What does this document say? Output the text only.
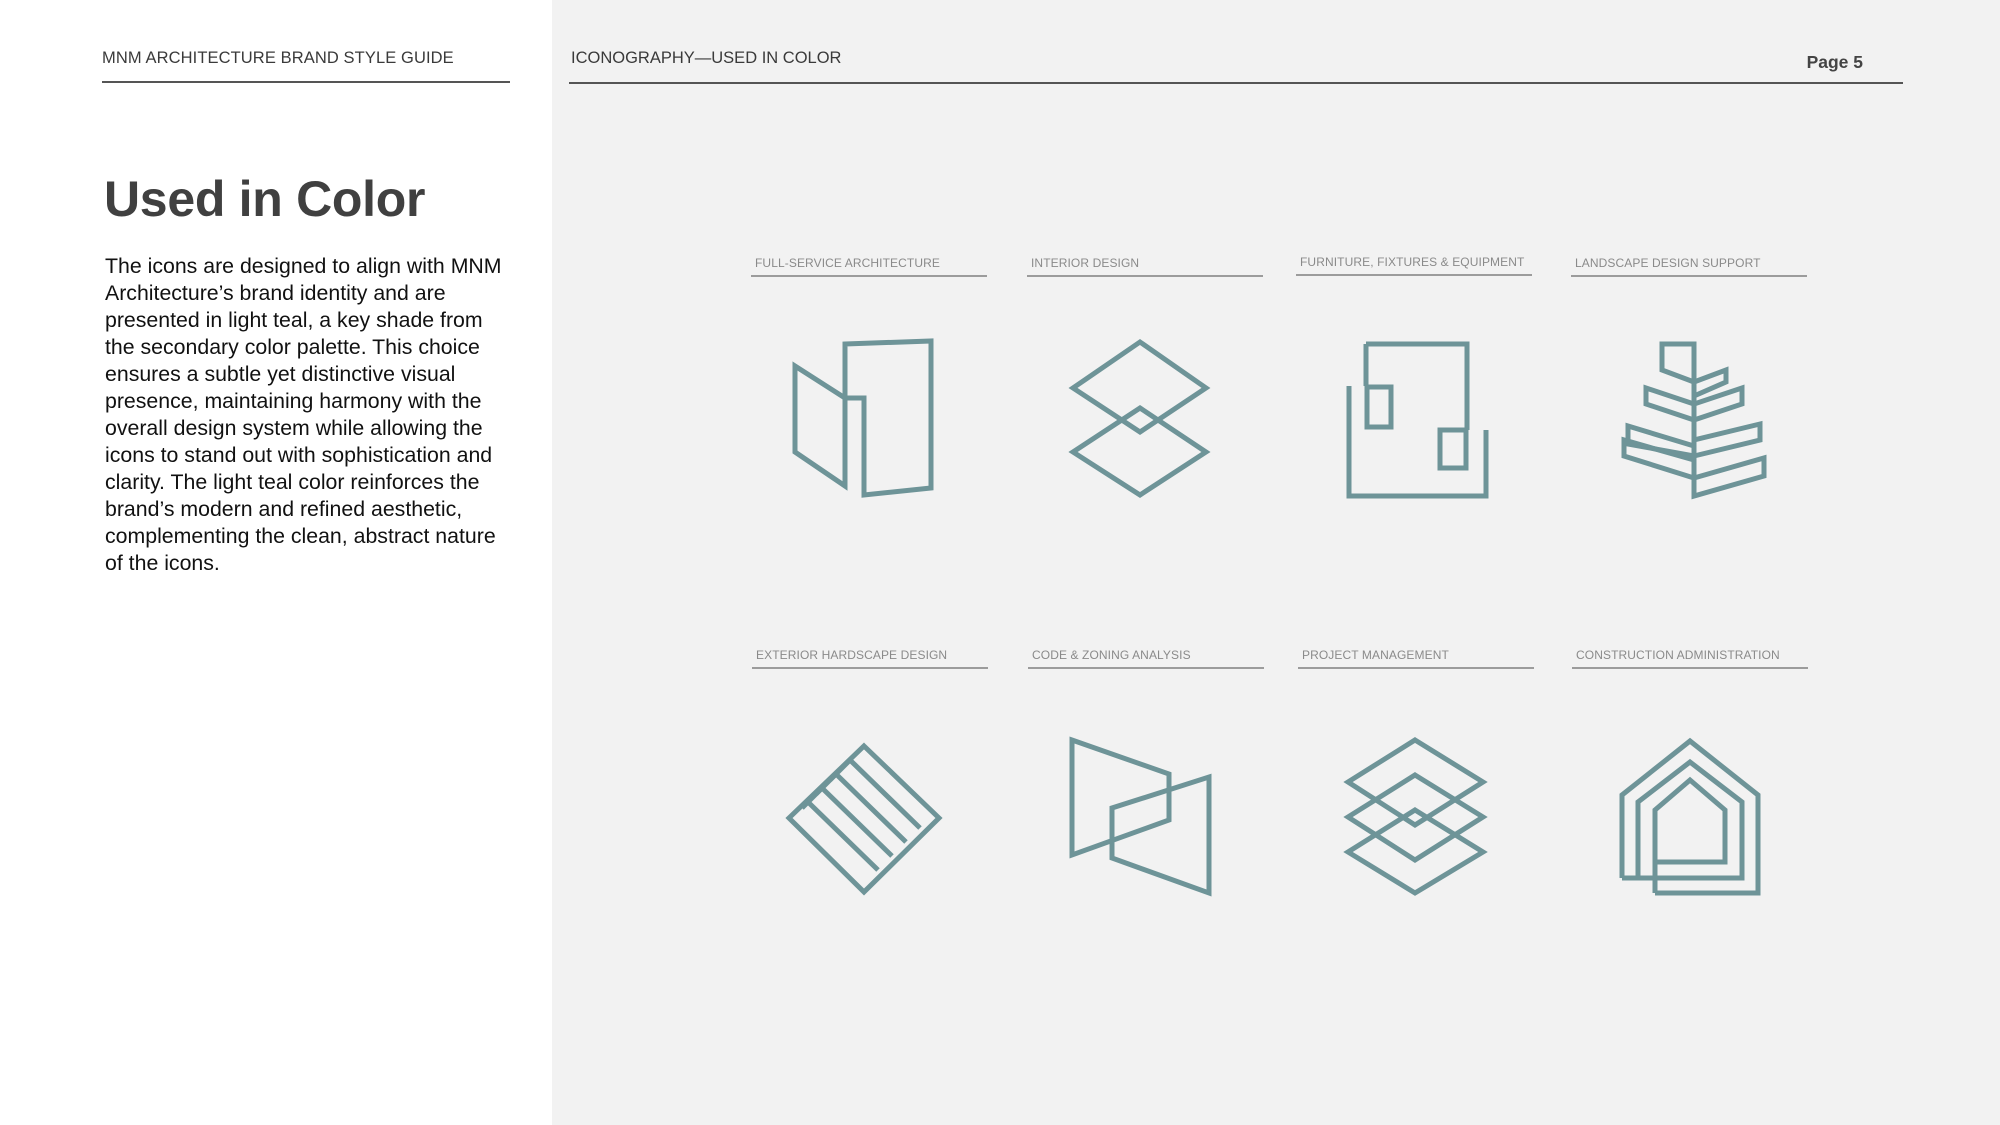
MNM ARCHITECTURE BRAND STYLE GUIDE	ICONOGRAPHY—USED IN COLOR	Page 5
Used in Color

The icons are designed to align with MNM Architecture’s brand identity and are presented in light teal, a key shade from the secondary color palette. This choice ensures a subtle yet distinctive visual presence, maintaining harmony with the overall design system while allowing the icons to stand out with sophistication and clarity. The light teal color reinforces the brand’s modern and refined aesthetic, complementing the clean, abstract nature of the icons.

FULL-SERVICE ARCHITECTURE	INTERIOR DESIGN	FURNITURE, FIXTURES & EQUIPMENT	LANDSCAPE DESIGN SUPPORT
EXTERIOR HARDSCAPE DESIGN	CODE & ZONING ANALYSIS	PROJECT MANAGEMENT	CONSTRUCTION ADMINISTRATION
